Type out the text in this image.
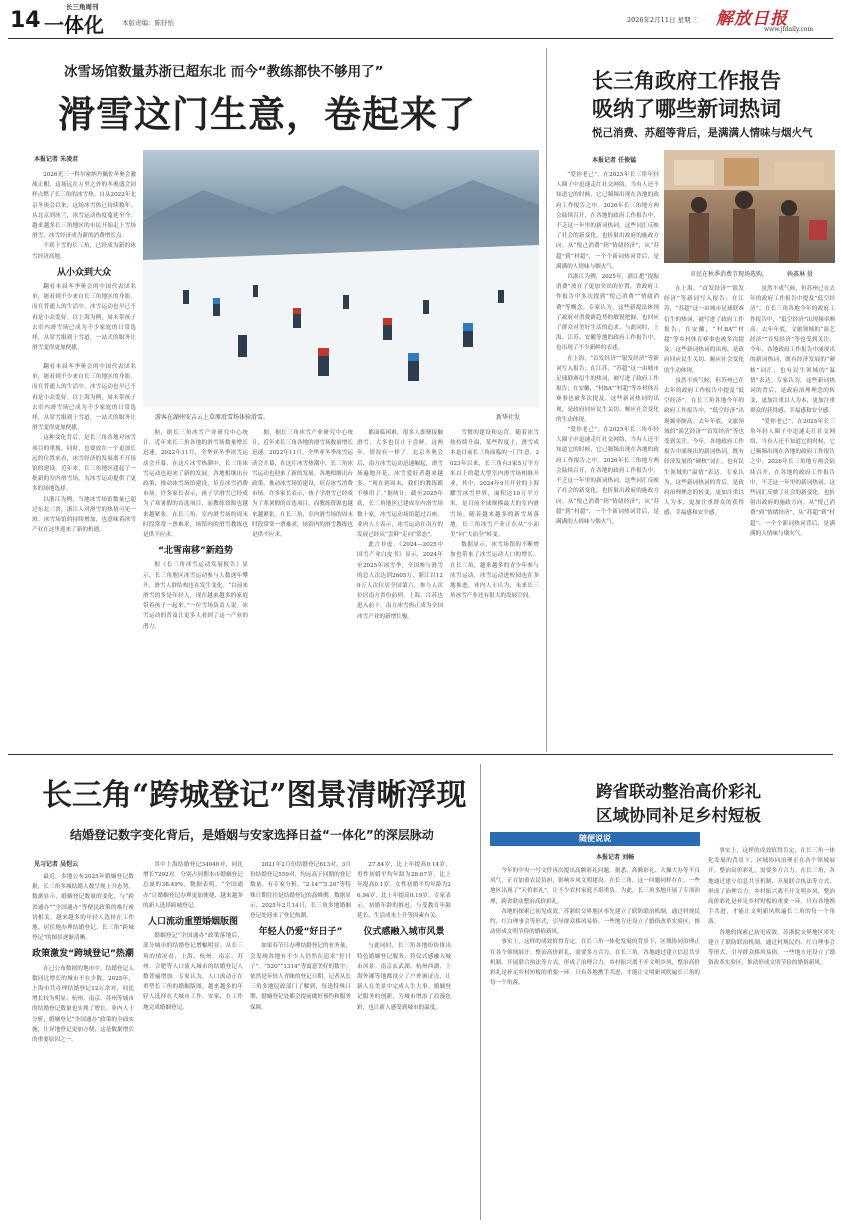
14 一体化
长三角周刊
本版责编：陈抒怡	2026年2月11日 星期三 解放日报
www.jfdaily.com
冰雪场馆数量苏浙已超东北 而今“教练都快不够用了”
滑雪这门生意，卷起来了
本报记者 朱凌君

2026光三一科尔密纳丹佩佐冬奥会激战正酣，这场远在万里之外的冬奥盛会同样点燃了长三角的冰雪热。自从2022年北京冬奥会以来，这场冰雪热已持续数年，从北京到冰兰，冰雪运动热度蔓延至今。越来越多长三角地区的市民开始走上雪场滑雪，冰雪经济成为新的消费增长点。

不到下雪的长三角，已经成为新的冰雪经济高地。

从小众到大众

翻看本届冬季奥会的中国代表团名单，能看到不少来自长三角地区的身影。而在普通人的生活中，冰雪运动也早已不再是小众爱好。以上海为例，周末带孩子去室内滑雪场已成为不少家庭的日常选择，从穿雪服到上雪道，一站式的服务让滑雪变得更加便捷。

翻看本届冬季奥会的中国代表团名单，能看到不少来自长三角地区的身影。而在普通人的生活中，冰雪运动也早已不再是小众爱好。以上海为例，周末带孩子去室内滑雪场已成为不少家庭的日常选择，从穿雪服到上雪道，一站式的服务让滑雪变得更加便捷。

这种变化背后，是长三角各地对冰雪项目的重视。同时，也要放在一个更加长远的位置来看，冰雪经济的发展离不开场馆的建设。近年来，长三角地区建起了一批新的室内滑雪场，为冰雪运动提供了更多的场地选择。

以浙江为例，当地冰雪场馆数量已超过东北三省，浙江人对滑雪的热情可见一斑。冰雪场馆的持续增加，也意味着冰雪产业在这里迎来了新的机遇。

游客在湖州安吉云上草原滑雪场体验滑雪。	新华社发

据，据长三角冰雪产业研究中心统计，近年来长三角各地的滑雪场数量增长迅速。2022年11月，全华亚冬季冰雪运动会开幕，在这片冰雪热潮中，长三角冰雪运动也迎来了新的发展。各地相继出台政策，推动冰雪场馆建设，培育冰雪消费市场。许多家长表示，孩子学滑雪已经成为了寒暑假的首选项目，而教练资源也越来越紧张。在长三角，室内滑雪场的周末时段常常一票难求，场馆内的滑雪教练也是供不应求。

“北雪南移”新趋势

据《长三角冰雪运动发展报告》显示，长三角地区冰雪运动参与人数逐年攀升，滑雪人群结构也在发生变化。“以前来滑雪的多是年轻人，现在越来越多的家庭带着孩子一起来。”一位雪场负责人说。冰雪运动的普及让更多人看到了这一产业的潜力。

据，据长三角冰雪产业研究中心统计，近年来长三角各地的滑雪场数量增长迅速。2022年11月，全华亚冬季冰雪运动会开幕，在这片冰雪热潮中，长三角冰雪运动也迎来了新的发展。各地相继出台政策，推动冰雪场馆建设，培育冰雪消费市场。许多家长表示，孩子学滑雪已经成为了寒暑假的首选项目，而教练资源也越来越紧张。在长三角，室内滑雪场的周末时段常常一票难求，场馆内的滑雪教练也是供不应求。

都面临困难，很多人即便接触滑雪，大多也仅止于尝鲜。这两年，情况有一样了。北京冬奥会后，南方冰雪运动迅速崛起，滑雪场遍地开花，冰雪爱好者越来越多。“现在到周末，我们的教练都不够用了。”据统计，截至2025年底，长三角地区已建成室内滑雪场数十家，冰雪运动场馆超过百座。业内人士表示，冰雪运动在南方的发展已经从“尝鲜”走向“常态”。

此言非虚。《2024—2025中国雪产业白皮书》显示，2024年至2025年冰雪季，全国参与滑雪的总人次达到2605万，浙江以129万人次位居全国第六，参与人次位居南方省份前列。上海、江苏也进入前十。南方冰雪热正成为全国冰雪产业的新增长极。

雪惯的建设和运营。随着冰雪热持续升温，某些程度上，滑雪成本是目前长三角面临的一门生意。2023年以来，长三角有3家5万平方米以上的超大型室内滑雪场相继开业，其中，2024年9月开业的上海耀雪冰雪世界，面积达10万平方米，是目前全球规模最大的室内滑雪场。随着越来越多的新雪场落地，长三角冰雪产业正在从“小而美”向“大而全”转变。

数据显示，冰雪场馆的不断增加也带来了冰雪运动人口的增长。在长三角，越来越多的青少年参与冰雪运动，冰雪运动进校园也在多地推进。业内人士认为，未来长三角冰雪产业还有很大的发展空间。

长三角政府工作报告
吸纳了哪些新词热词
悦己消费、苏超等背后，是满满人情味与烟火气
本报记者 任俊锰

“爱你老己”，在2025年长三角年轻人圈子中迅速走红社交网络，当有人还不知道它的时候，它已频频出现在各地的政府工作报告之中。2026年长三角地方两会陆续召开，在各地的政府工作报告中，不乏这一年里的新词热词。这些词汇反映了社会的新变化，也折射出政府的施政方向。从“悦己消费”到“情绪经济”，从“苏超”到“村超”，一个个新词热词背后，是满满的人情味与烟火气。

以浙江为例，2025年，浙江把“提振消费”放在了更加突出的位置，省政府工作报告中多次提到“悦己消费”“情绪消费”等概念。专家认为，这些新提法体现了政府对消费新趋势的敏锐把握，也回应了群众对美好生活的追求。与此同时，上海、江苏、安徽等地的政府工作报告中，也出现了不少新鲜的表述。

在上海，“首发经济”“银发经济”等新词写入报告；在江苏，“苏超”这一由城市足球联赛衍生的热词，被写进了政府工作报告；在安徽，“村BA”“村超”等乡村体育赛事也被多次提及。这些新词热词的出现，是政府回应民生关切、顺应社会变化的生动体现。

“爱你老己”，在2025年长三角年轻人圈子中迅速走红社交网络，当有人还不知道它的时候，它已频频出现在各地的政府工作报告之中。2026年长三角地方两会陆续召开，在各地的政府工作报告中，不乏这一年里的新词热词。这些词汇反映了社会的新变化，也折射出政府的施政方向。从“悦己消费”到“情绪经济”，从“苏超”到“村超”，一个个新词热词背后，是满满的人情味与烟火气。

市民在秋季消费节现场选购。	赖鑫琳 摄

在上海，“首发经济”“银发经济”等新词写入报告；在江苏，“苏超”这一由城市足球联赛衍生的热词，被写进了政府工作报告；在安徽，“村BA”“村超”等乡村体育赛事也被多次提及。这些新词热词的出现，是政府回应民生关切、顺应社会变化的生动体现。

虽然不成气候，但苏州已在去年的政府工作报告中提及“低空经济”。在长三角各地今年的政府工作报告中，“低空经济”出现频率颇高。去年年底，文旅领域的“演艺经济”“首发经济”等也受到关注。今年，各地政府工作报告中涌现出的新词热词，既有经济发展的“硬核”词汇，也有民生领域的“温情”表达。专家认为，这些新词热词的背后，是政府治理理念的转变，更加注重以人为本，更加注重群众的获得感、幸福感和安全感。

虽然不成气候，但苏州已在去年的政府工作报告中提及“低空经济”。在长三角各地今年的政府工作报告中，“低空经济”出现频率颇高。去年年底，文旅领域的“演艺经济”“首发经济”等也受到关注。今年，各地政府工作报告中涌现出的新词热词，既有经济发展的“硬核”词汇，也有民生领域的“温情”表达。专家认为，这些新词热词的背后，是政府治理理念的转变，更加注重以人为本，更加注重群众的获得感、幸福感和安全感。

“爱你老己”，在2025年长三角年轻人圈子中迅速走红社交网络，当有人还不知道它的时候，它已频频出现在各地的政府工作报告之中。2026年长三角地方两会陆续召开，在各地的政府工作报告中，不乏这一年里的新词热词。这些词汇反映了社会的新变化，也折射出政府的施政方向。从“悦己消费”到“情绪经济”，从“苏超”到“村超”，一个个新词热词背后，是满满的人情味与烟火气。

长三角“跨城登记”图景清晰浮现
结婚登记数字变化背后，是婚姻与安家选择日益“一体化”的深层脉动
见习记者 吴恺云

最近，多地公布2025年婚姻登记数据，长三角多城结婚人数呈现上升态势。数据显示，婚姻登记数量的变化，与“跨省通办”“全国通办”等便民政策的推行密切相关。越来越多的年轻人选择在工作地、居住地办理结婚登记，长三角“跨城登记”的图景逐渐清晰。

政策激发“跨城登记”热潮

在已公布数据的地市中，结婚登记人数同比增长的城市不在少数。2025年，上海市共办理结婚登记12万余对，同比增长较为明显；杭州、南京、苏州等城市的结婚登记数量也实现了增长。业内人士分析，婚姻登记“全国通办”政策的全面实施，让异地登记更加方便，这是数据增长的重要原因之一。

其中上海结婚登记34040对，同比增长7292对。分别占同期本市婚姻登记总量的38.49%。数据表明，“全国通办”让婚姻登记办理更加便捷，越来越多的新人选择跨城登记。

人口流动重塑婚姻版图

婚姻登记“全国通办”政策落地后，部分城市的结婚登记增幅明显。从长三角的情况看，上海、杭州、南京、苏州、合肥等人口流入城市的结婚登记人数普遍增加。专家认为，人口流动正在重塑长三角的婚姻版图，越来越多的年轻人选择在大城市工作、安家，在工作地完成婚姻登记。

2021年2月份结婚登记613对，3月份结婚登记559对，均远高于同期的登记数量。有专家分析，“2.14”“5.20”等特殊日期往往是结婚登记的高峰期。数据显示，2025年2月14日，长三角多地婚姻登记处迎来了登记热潮。

年轻人仍爱“好日子”

如果春节日办理结婚登记的业务量，会发现各地有不少人仍然在追求“好日子”。“520”“1314”等寓意美好的数字，依然是年轻人青睐的登记日期。记者从长三角多地民政部门了解到，每逢特殊日期，婚姻登记处都会提前做好预约和服务保障。

27.84岁，比上年提高0.14岁，男性初婚平均年龄为28.67岁，比上年提高0.1岁。女性初婚平均年龄为26.94岁，比上年提高0.19岁。专家表示，初婚年龄的推迟，与受教育年限延长、生活成本上升等因素有关。

仪式感融入城市风景

与此同时，长三角各地纷纷推出特色婚姻登记服务，将仪式感融入城市风景。南京玄武湖、杭州西湖、上海外滩等地都设立了户外颁证点，让新人在美景中完成人生大事。婚姻登记服务的创新，为城市增添了浪漫色彩，也让新人感受到城市的温度。

跨省联动整治高价彩礼
区域协同补足乡村短板
随便说说
本报记者 刘畅

今年的中央一号文件再次提出高额彩礼问题。据悉，高额彩礼、大操大办等不良风气，正在加重农民负担，影响乡风文明建设。在长三角，这一问题同样存在。一些地区出现了“天价彩礼”，让不少农村家庭不堪重负。为此，长三角多地开展了专项治理，跨省联动整治高价彩礼。

各地的探索已初见成效。苏浙皖交界地区率先建立了联防联治机制，通过村规民约、红白理事会等形式，引导群众移风易俗。一些地方还设立了婚俗改革实验区，推动形成文明节俭的婚俗新风。

事实上，这样的成效值得肯定，在长三角一体化发展的背景下，区域协同治理正在各个领域展开。整治高价彩礼，需要多方合力。在长三角，各地通过建立信息共享机制、开展联合执法等方式，形成了治理合力。乡村振兴离不开文明乡风，整治高价彩礼是补足乡村短板的重要一环。只有各地携手共进，才能让文明新风吹遍长三角的每一个角落。

事实上，这样的成效值得肯定，在长三角一体化发展的背景下，区域协同治理正在各个领域展开。整治高价彩礼，需要多方合力。在长三角，各地通过建立信息共享机制、开展联合执法等方式，形成了治理合力。乡村振兴离不开文明乡风，整治高价彩礼是补足乡村短板的重要一环。只有各地携手共进，才能让文明新风吹遍长三角的每一个角落。

各地的探索已初见成效。苏浙皖交界地区率先建立了联防联治机制，通过村规民约、红白理事会等形式，引导群众移风易俗。一些地方还设立了婚俗改革实验区，推动形成文明节俭的婚俗新风。
